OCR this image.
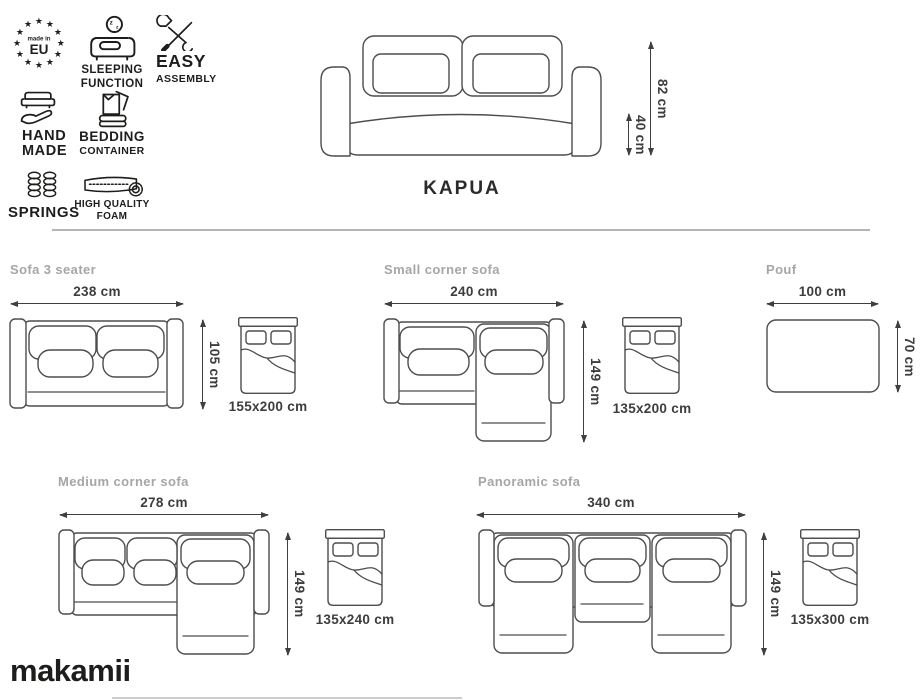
★ ★
★
★
★
★
★
★
★
★
★
★
made in
EU
z
z
SLEEPING
FUNCTION
EASY
ASSEMBLY
HAND
MADE
BEDDING
CONTAINER
SPRINGS
HIGH QUALITY
FOAM
40 cm
82 cm
KAPUA
Sofa 3 seater
238 cm
105 cm
155x200 cm
Small corner sofa
240 cm
149 cm
135x200 cm
Pouf
100 cm
70 cm
Medium corner sofa
278 cm
149 cm
135x240 cm
Panoramic sofa
340 cm
149 cm
135x300 cm
makamii
